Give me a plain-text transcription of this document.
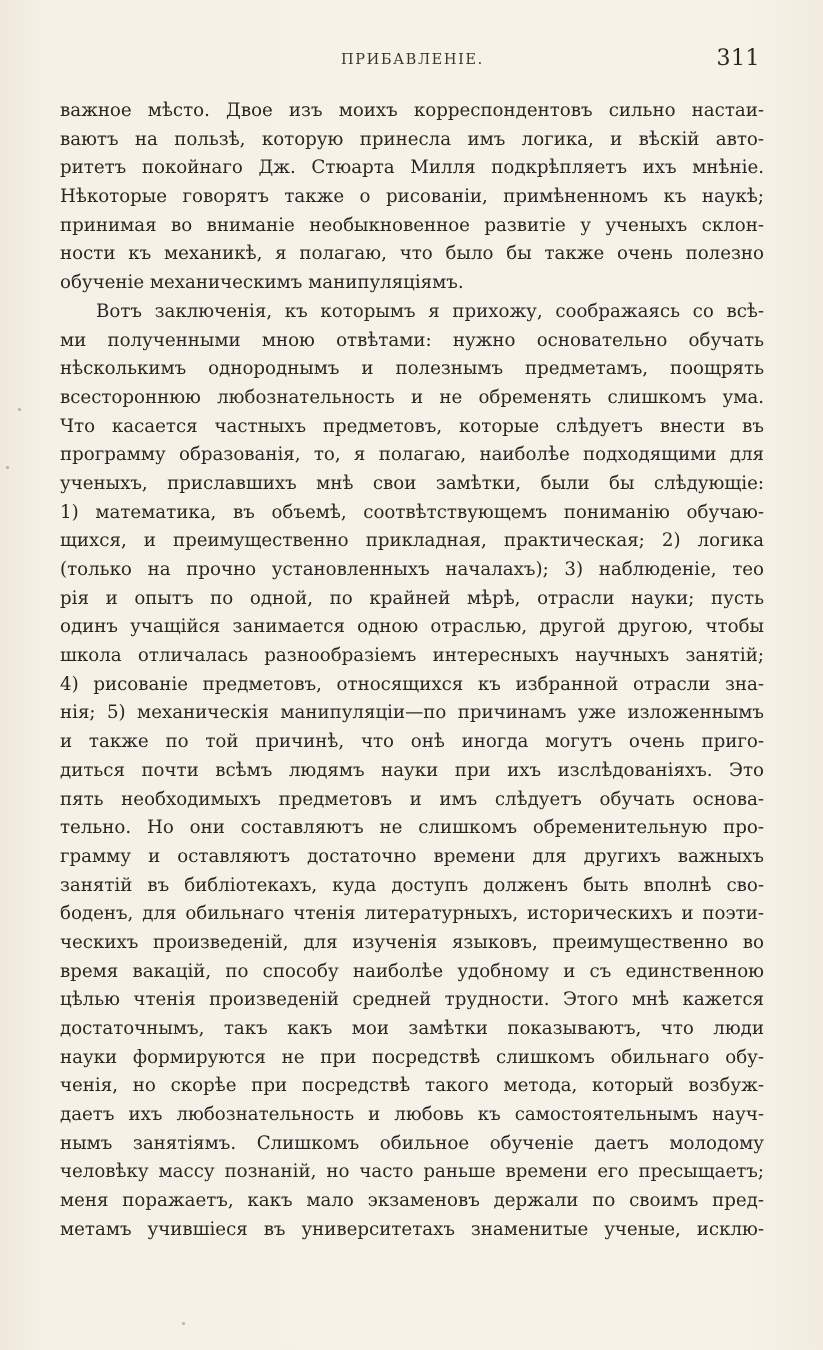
ПРИБАВЛЕНІЕ.	311
важное мѣсто. Двое изъ моихъ корреспондентовъ сильно настаи-
ваютъ на пользѣ, которую принесла имъ логика, и вѣскій авто-
ритетъ покойнаго Дж. Стюарта Милля подкрѣпляетъ ихъ мнѣніе.
Нѣкоторые говорятъ также о рисованіи, примѣненномъ къ наукѣ;
принимая во вниманіе необыкновенное развитіе у ученыхъ склон-
ности къ механикѣ, я полагаю, что было бы также очень полезно
обученіе механическимъ манипуляціямъ.
Вотъ заключенія, къ которымъ я прихожу, соображаясь со всѣ-
ми полученными мною отвѣтами: нужно основательно обучать
нѣсколькимъ однороднымъ и полезнымъ предметамъ, поощрять
всестороннюю любознательность и не обременять слишкомъ ума.
Что касается частныхъ предметовъ, которые слѣдуетъ внести въ
программу образованія, то, я полагаю, наиболѣе подходящими для
ученыхъ, приславшихъ мнѣ свои замѣтки, были бы слѣдующіе:
1) математика, въ объемѣ, соотвѣтствующемъ пониманію обучаю-
щихся, и преимущественно прикладная, практическая; 2) логика
(только на прочно установленныхъ началахъ); 3) наблюденіе, тео
рія и опытъ по одной, по крайней мѣрѣ, отрасли науки; пусть
одинъ учащійся занимается одною отраслью, другой другою, чтобы
школа отличалась разнообразіемъ интересныхъ научныхъ занятій;
4) рисованіе предметовъ, относящихся къ избранной отрасли зна-
нія; 5) механическія манипуляціи—по причинамъ уже изложеннымъ
и также по той причинѣ, что онѣ иногда могутъ очень приго-
диться почти всѣмъ людямъ науки при ихъ изслѣдованіяхъ. Это
пять необходимыхъ предметовъ и имъ слѣдуетъ обучать основа-
тельно. Но они составляютъ не слишкомъ обременительную про-
грамму и оставляютъ достаточно времени для другихъ важныхъ
занятій въ библіотекахъ, куда доступъ долженъ быть вполнѣ сво-
боденъ, для обильнаго чтенія литературныхъ, историческихъ и поэти-
ческихъ произведеній, для изученія языковъ, преимущественно во
время вакацій, по способу наиболѣе удобному и съ единственною
цѣлью чтенія произведеній средней трудности. Этого мнѣ кажется
достаточнымъ, такъ какъ мои замѣтки показываютъ, что люди
науки формируются не при посредствѣ слишкомъ обильнаго обу-
ченія, но скорѣе при посредствѣ такого метода, который возбуж-
даетъ ихъ любознательность и любовь къ самостоятельнымъ науч-
нымъ занятіямъ. Слишкомъ обильное обученіе даетъ молодому
человѣку массу познаній, но часто раньше времени его пресыщаетъ;
меня поражаетъ, какъ мало экзаменовъ держали по своимъ пред-
метамъ учившіеся въ университетахъ знаменитые ученые, исклю-
